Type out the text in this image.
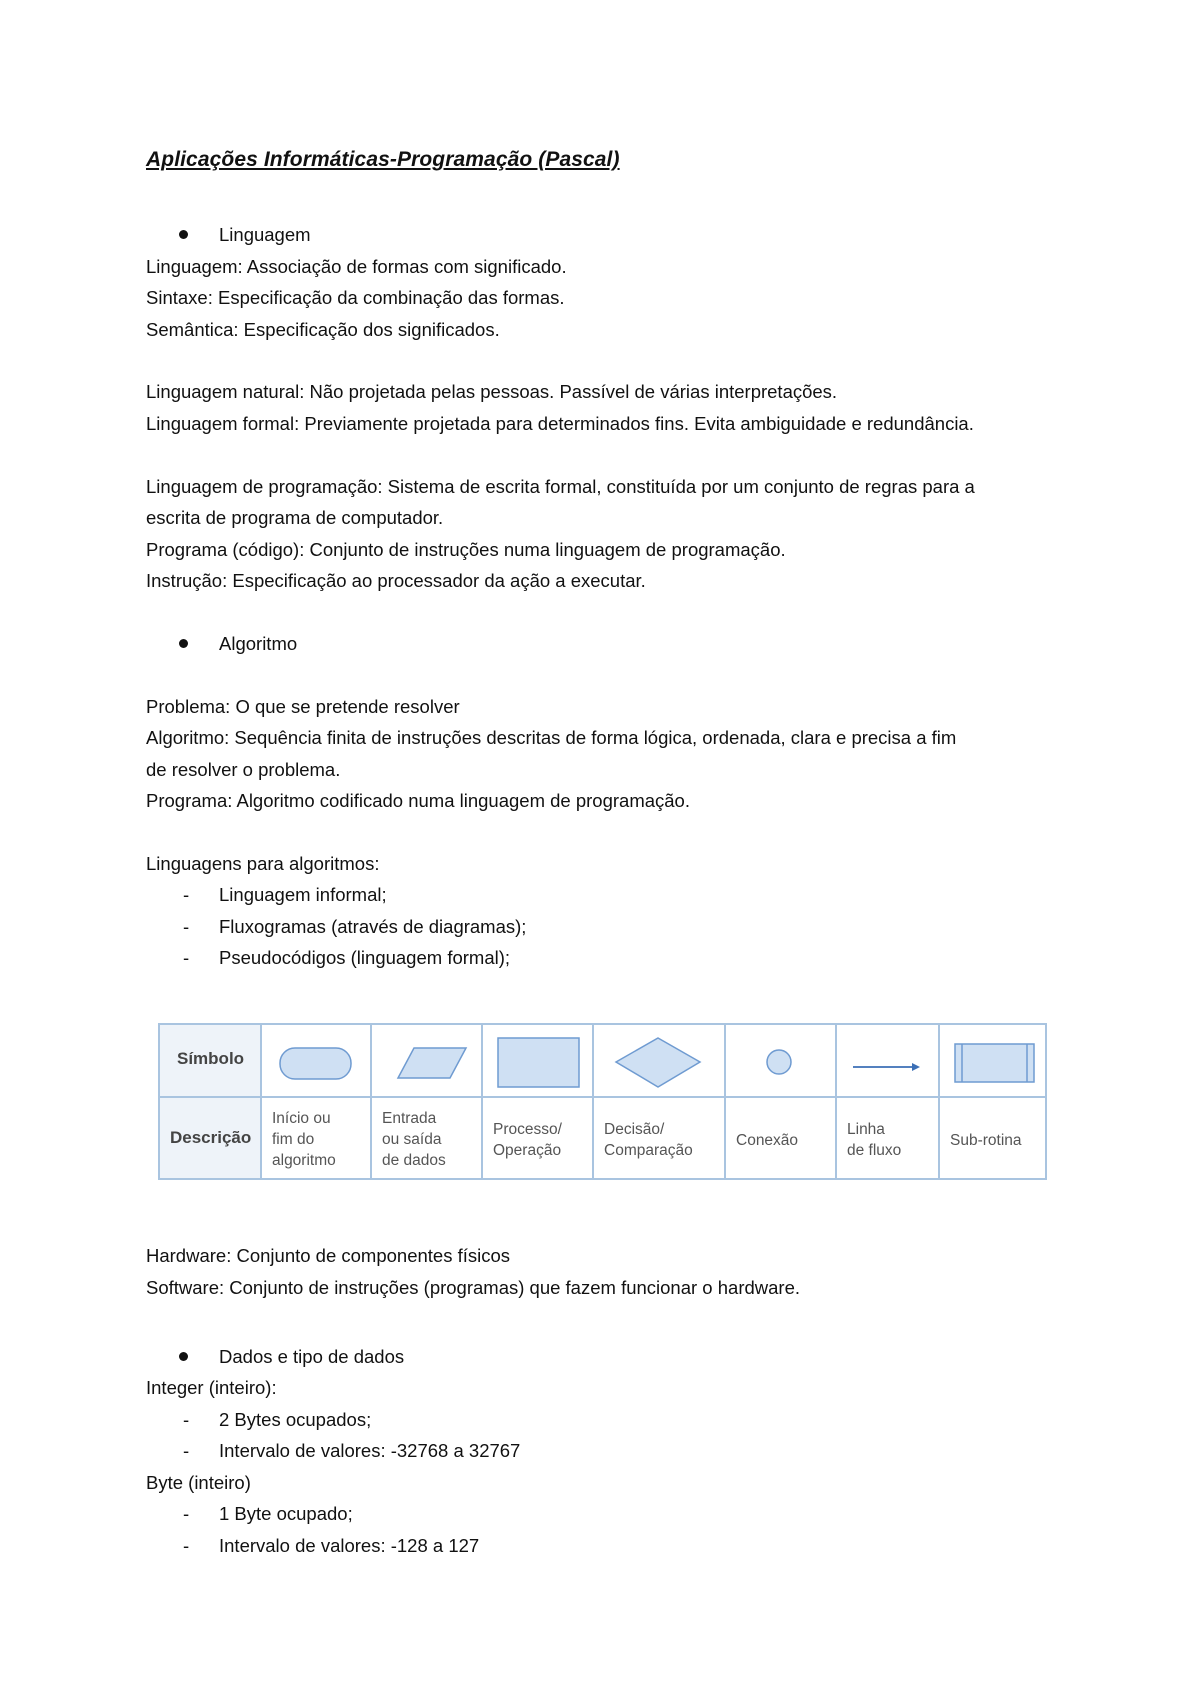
Aplicações Informáticas-Programação (Pascal)
Linguagem
Linguagem: Associação de formas com significado.
Sintaxe: Especificação da combinação das formas.
Semântica: Especificação dos significados.
Linguagem natural: Não projetada pelas pessoas. Passível de várias interpretações.
Linguagem formal: Previamente projetada para determinados fins. Evita ambiguidade e redundância.
Linguagem de programação: Sistema de escrita formal, constituída por um conjunto de regras para a
escrita de programa de computador.
Programa (código): Conjunto de instruções numa linguagem de programação.
Instrução: Especificação ao processador da ação a executar.
Algoritmo
Problema: O que se pretende resolver
Algoritmo: Sequência finita de instruções descritas de forma lógica, ordenada, clara e precisa a fim
de resolver o problema.
Programa: Algoritmo codificado numa linguagem de programação.
Linguagens para algoritmos:
- Linguagem informal;
- Fluxogramas (através de diagramas);
- Pseudocódigos (linguagem formal);
Símbolo
Descrição
Início ou
fim do
algoritmo
Entrada
ou saída
de dados
Processo/
Operação
Decisão/
Comparação
Conexão
Linha
de fluxo
Sub-rotina
Hardware: Conjunto de componentes físicos
Software: Conjunto de instruções (programas) que fazem funcionar o hardware.
Dados e tipo de dados
Integer (inteiro):
- 2 Bytes ocupados;
- Intervalo de valores: -32768 a 32767
Byte (inteiro)
- 1 Byte ocupado;
- Intervalo de valores: -128 a 127
